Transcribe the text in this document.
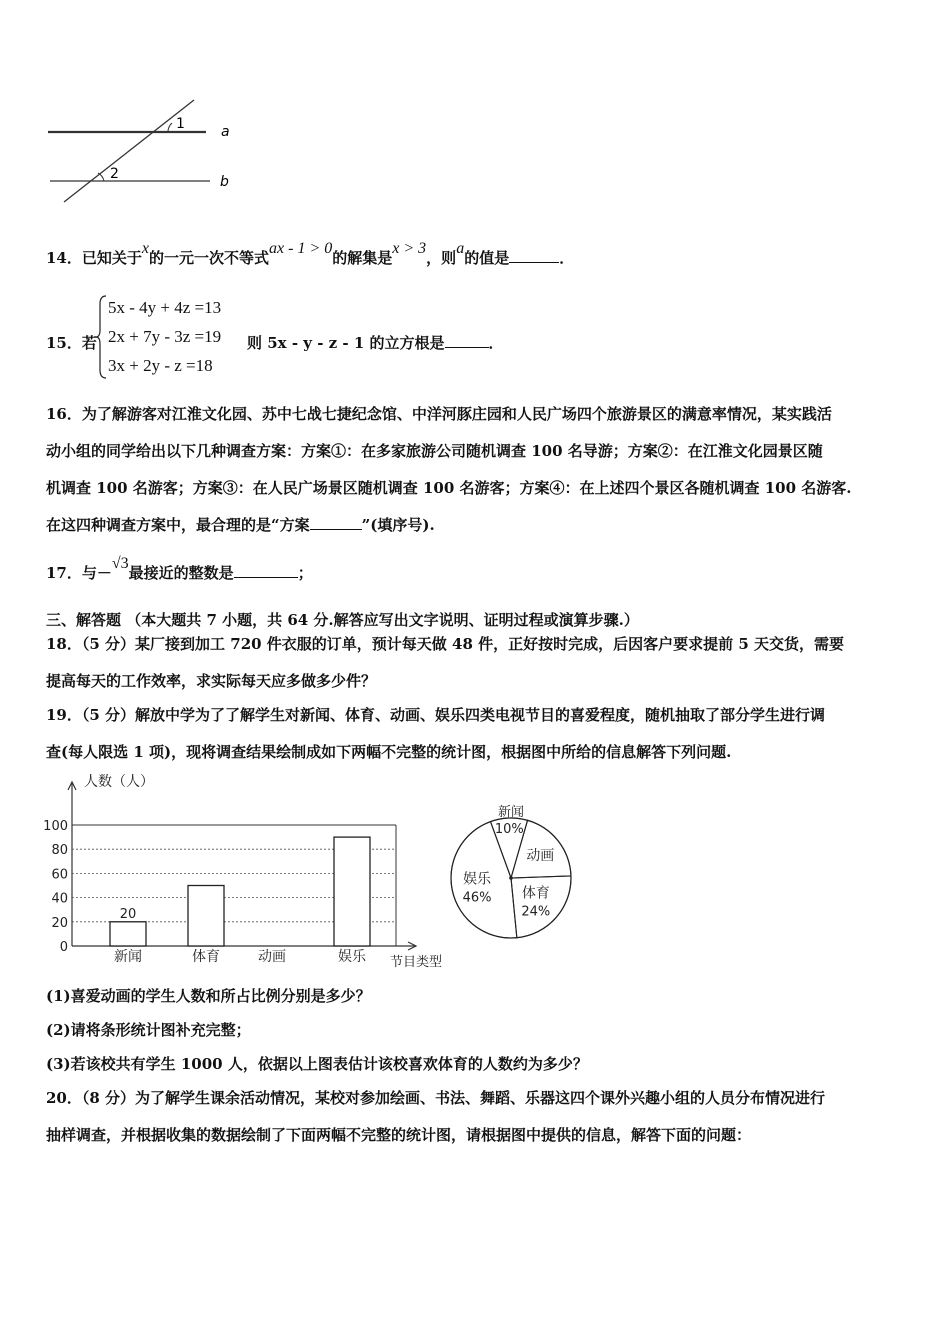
1
2
a
b
14．已知关于x的一元一次不等式ax - 1 > 0的解集是x > 3，则a的值是	．
15．若
5x - 4y + 4z =13
2x + 7y - 3z =19
3x + 2y - z =18
则 5x - y - z - 1 的立方根是	．
16．为了解游客对江淮文化园、苏中七战七捷纪念馆、中洋河豚庄园和人民广场四个旅游景区的满意率情况，某实践活
动小组的同学给出以下几种调查方案：方案①：在多家旅游公司随机调查 100 名导游；方案②：在江淮文化园景区随
机调查 100 名游客；方案③：在人民广场景区随机调查 100 名游客；方案④：在上述四个景区各随机调查 100 名游客.
在这四种调查方案中，最合理的是“方案	”(填序号).
17．与－√3最接近的整数是	；
三、解答题 （本大题共 7 小题，共 64 分.解答应写出文字说明、证明过程或演算步骤.）
18．（5 分）某厂接到加工 720 件衣服的订单，预计每天做 48 件，正好按时完成，后因客户要求提前 5 天交货，需要
提高每天的工作效率，求实际每天应多做多少件？
19．（5 分）解放中学为了了解学生对新闻、体育、动画、娱乐四类电视节目的喜爱程度，随机抽取了部分学生进行调
查(每人限选 1 项)，现将调查结果绘制成如下两幅不完整的统计图，根据图中所给的信息解答下列问题.
0
20
40
60
80
100
人数（人）
节目类型
20
新闻	体育	动画	娱乐
新闻
10%
动画
体育
24%
娱乐
46%
(1)喜爱动画的学生人数和所占比例分别是多少？
(2)请将条形统计图补充完整；
(3)若该校共有学生 1000 人，依据以上图表估计该校喜欢体育的人数约为多少？
20．（8 分）为了解学生课余活动情况，某校对参加绘画、书法、舞蹈、乐器这四个课外兴趣小组的人员分布情况进行
抽样调查，并根据收集的数据绘制了下面两幅不完整的统计图，请根据图中提供的信息，解答下面的问题：
